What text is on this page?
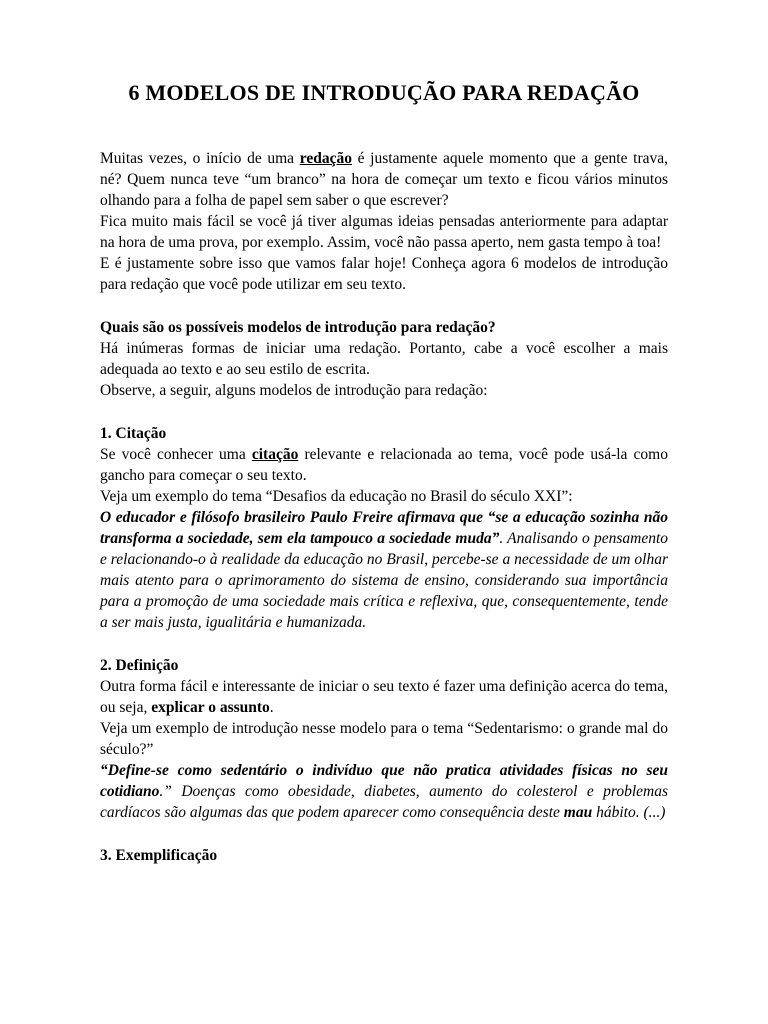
6 MODELOS DE INTRODUÇÃO PARA REDAÇÃO

Muitas vezes, o início de uma redação é justamente aquele momento que a gente trava, né? Quem nunca teve “um branco” na hora de começar um texto e ficou vários minutos olhando para a folha de papel sem saber o que escrever?

Fica muito mais fácil se você já tiver algumas ideias pensadas anteriormente para adaptar na hora de uma prova, por exemplo. Assim, você não passa aperto, nem gasta tempo à toa!

E é justamente sobre isso que vamos falar hoje! Conheça agora 6 modelos de introdução para redação que você pode utilizar em seu texto.

Quais são os possíveis modelos de introdução para redação?

Há inúmeras formas de iniciar uma redação. Portanto, cabe a você escolher a mais adequada ao texto e ao seu estilo de escrita.

Observe, a seguir, alguns modelos de introdução para redação:

1. Citação

Se você conhecer uma citação relevante e relacionada ao tema, você pode usá-la como gancho para começar o seu texto.

Veja um exemplo do tema “Desafios da educação no Brasil do século XXI”:

O educador e filósofo brasileiro Paulo Freire afirmava que “se a educação sozinha não transforma a sociedade, sem ela tampouco a sociedade muda”. Analisando o pensamento e relacionando-o à realidade da educação no Brasil, percebe-se a necessidade de um olhar mais atento para o aprimoramento do sistema de ensino, considerando sua importância para a promoção de uma sociedade mais crítica e reflexiva, que, consequentemente, tende a ser mais justa, igualitária e humanizada.

2. Definição

Outra forma fácil e interessante de iniciar o seu texto é fazer uma definição acerca do tema, ou seja, explicar o assunto.

Veja um exemplo de introdução nesse modelo para o tema “Sedentarismo: o grande mal do século?”

“Define-se como sedentário o indivíduo que não pratica atividades físicas no seu cotidiano.” Doenças como obesidade, diabetes, aumento do colesterol e problemas cardíacos são algumas das que podem aparecer como consequência deste mau hábito. (...)

3. Exemplificação
